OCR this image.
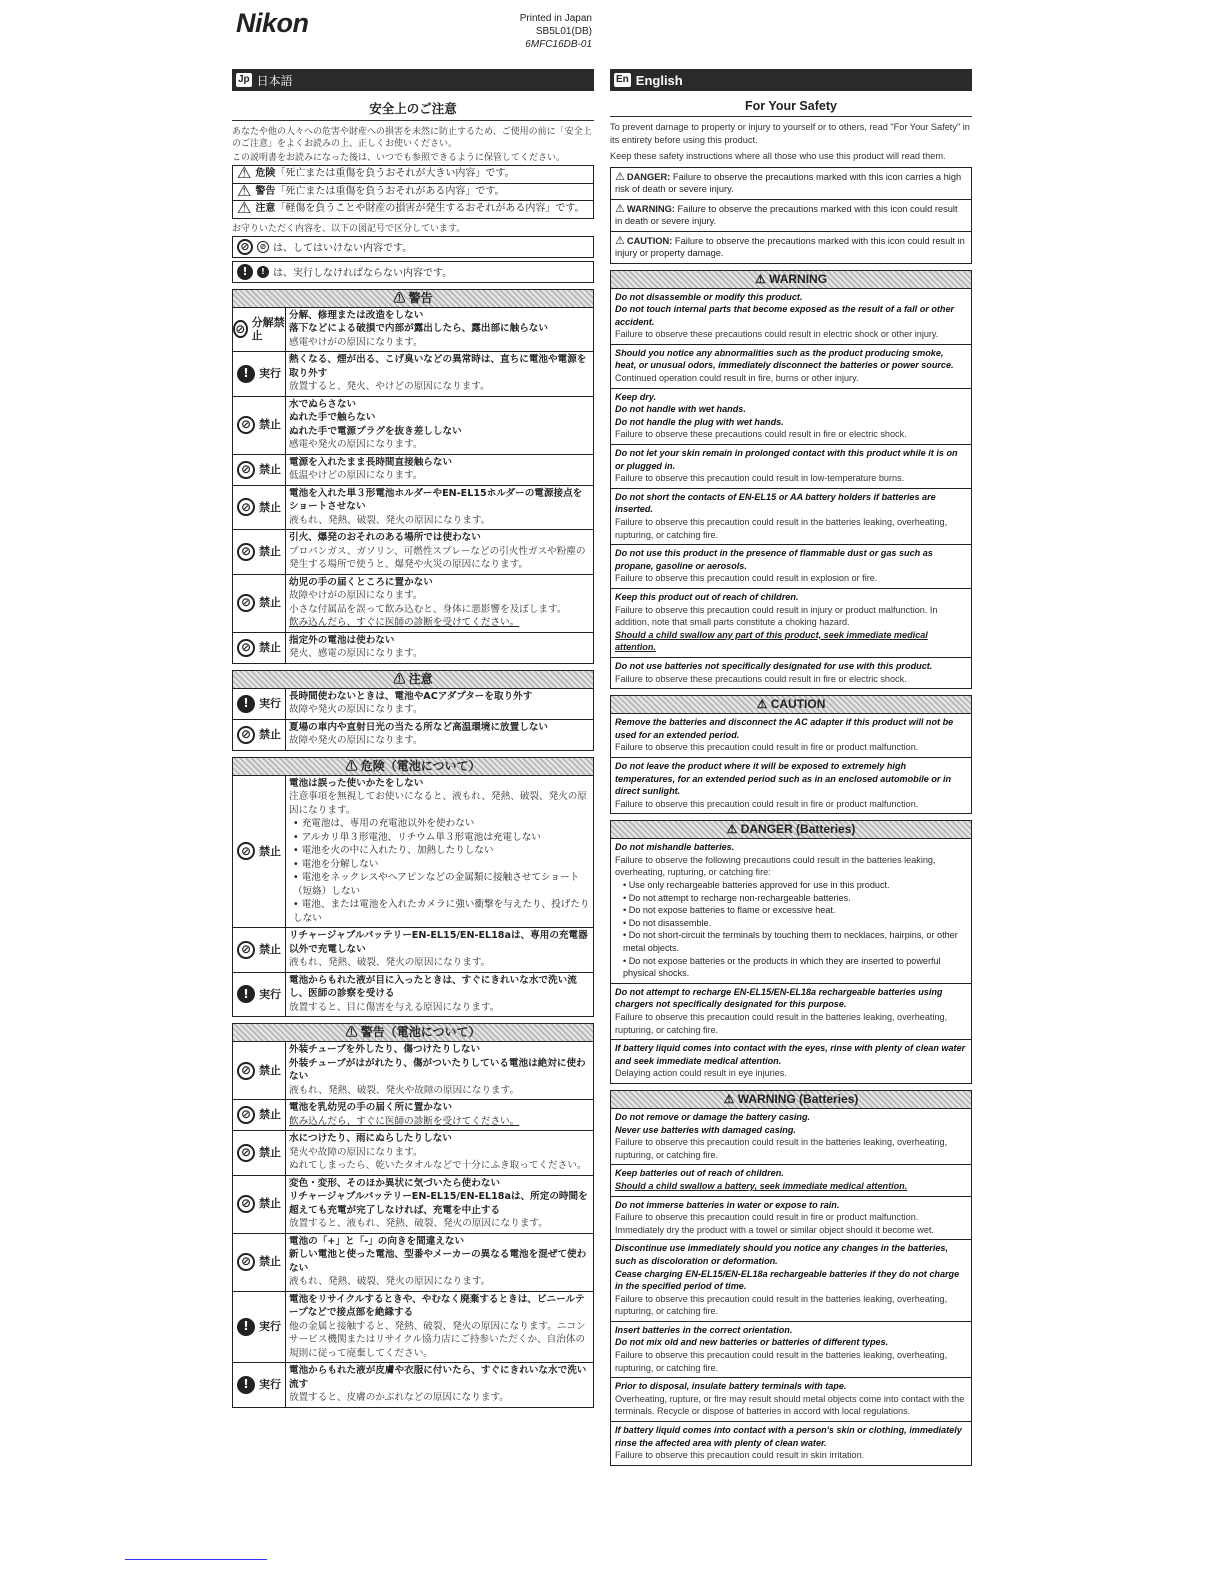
Nikon	Printed in Japan
SB5L01(DB)
6MFC16DB-01
Jp 日本語
安全上のご注意
あなたや他の人々への危害や財産への損害を未然に防止するため、ご使用の前に「安全上のご注意」をよくお読みの上、正しくお使いください。
この説明書をお読みになった後は、いつでも参照できるように保管してください。
⚠ 危険 「死亡または重傷を負うおそれが大きい内容」です。
⚠ 警告 「死亡または重傷を負うおそれがある内容」です。
⚠ 注意 「軽傷を負うことや財産の損害が発生するおそれがある内容」です。
お守りいただく内容を、以下の図記号で区分しています。
⊘	⊘ は、してはいけない内容です。
!	! は、実行しなければならない内容です。
⚠ 警告
⊘ 分解禁止
分解、修理または改造をしない
落下などによる破損で内部が露出したら、露出部に触らない
感電やけがの原因になります。
! 実行
熱くなる、煙が出る、こげ臭いなどの異常時は、直ちに電池や電源を取り外す
放置すると、発火、やけどの原因になります。
⊘ 禁止
水でぬらさない
ぬれた手で触らない
ぬれた手で電源プラグを抜き差ししない
感電や発火の原因になります。
⊘ 禁止
電源を入れたまま長時間直接触らない
低温やけどの原因になります。
⊘ 禁止
電池を入れた単３形電池ホルダーやEN-EL15ホルダーの電源接点をショートさせない
液もれ、発熱、破裂、発火の原因になります。
⊘ 禁止
引火、爆発のおそれのある場所では使わない
プロパンガス、ガソリン、可燃性スプレーなどの引火性ガスや粉塵の発生する場所で使うと、爆発や火災の原因になります。
⊘ 禁止
幼児の手の届くところに置かない
故障やけがの原因になります。
小さな付属品を誤って飲み込むと、身体に悪影響を及ぼします。
飲み込んだら、すぐに医師の診断を受けてください。
⊘ 禁止
指定外の電池は使わない
発火、感電の原因になります。
⚠ 注意
! 実行
長時間使わないときは、電池やACアダプターを取り外す
故障や発火の原因になります。
⊘ 禁止
夏場の車内や直射日光の当たる所など高温環境に放置しない
故障や発火の原因になります。
⚠ 危険（電池について）
⊘ 禁止
電池は誤った使いかたをしない
注意事項を無視してお使いになると、液もれ、発熱、破裂、発火の原因になります。
• 充電池は、専用の充電池以外を使わない
• アルカリ単３形電池、リチウム単３形電池は充電しない
• 電池を火の中に入れたり、加熱したりしない
• 電池を分解しない
• 電池をネックレスやヘアピンなどの金属類に接触させてショート（短絡）しない
• 電池、または電池を入れたカメラに強い衝撃を与えたり、投げたりしない
⊘ 禁止
リチャージャブルバッテリーEN-EL15/EN-EL18aは、専用の充電器以外で充電しない
液もれ、発熱、破裂、発火の原因になります。
! 実行
電池からもれた液が目に入ったときは、すぐにきれいな水で洗い流し、医師の診察を受ける
放置すると、目に傷害を与える原因になります。
⚠ 警告（電池について）
⊘ 禁止
外装チューブを外したり、傷つけたりしない
外装チューブがはがれたり、傷がついたりしている電池は絶対に使わない
液もれ、発熱、破裂、発火や故障の原因になります。
⊘ 禁止
電池を乳幼児の手の届く所に置かない
飲み込んだら、すぐに医師の診断を受けてください。
⊘ 禁止
水につけたり、雨にぬらしたりしない
発火や故障の原因になります。
ぬれてしまったら、乾いたタオルなどで十分にふき取ってください。
⊘ 禁止
変色・変形、そのほか異状に気づいたら使わない
リチャージャブルバッテリーEN-EL15/EN-EL18aは、所定の時間を超えても充電が完了しなければ、充電を中止する
放置すると、液もれ、発熱、破裂、発火の原因になります。
⊘ 禁止
電池の「+」と「-」の向きを間違えない
新しい電池と使った電池、型番やメーカーの異なる電池を混ぜて使わない
液もれ、発熱、破裂、発火の原因になります。
! 実行
電池をリサイクルするときや、やむなく廃棄するときは、ビニールテープなどで接点部を絶縁する
他の金属と接触すると、発熱、破裂、発火の原因になります。ニコンサービス機関またはリサイクル協力店にご持参いただくか、自治体の規則に従って廃棄してください。
! 実行
電池からもれた液が皮膚や衣服に付いたら、すぐにきれいな水で洗い流す
放置すると、皮膚のかぶれなどの原因になります。
En English
For Your Safety
To prevent damage to property or injury to yourself or to others, read "For Your Safety" in its entirety before using this product.
Keep these safety instructions where all those who use this product will read them.
⚠ DANGER: Failure to observe the precautions marked with this icon carries a high risk of death or severe injury.
⚠ WARNING: Failure to observe the precautions marked with this icon could result in death or severe injury.
⚠ CAUTION: Failure to observe the precautions marked with this icon could result in injury or property damage.
⚠ WARNING
Do not disassemble or modify this product.
Do not touch internal parts that become exposed as the result of a fall or other accident.
Failure to observe these precautions could result in electric shock or other injury.
Should you notice any abnormalities such as the product producing smoke, heat, or unusual odors, immediately disconnect the batteries or power source.
Continued operation could result in fire, burns or other injury.
Keep dry.
Do not handle with wet hands.
Do not handle the plug with wet hands.
Failure to observe these precautions could result in fire or electric shock.
Do not let your skin remain in prolonged contact with this product while it is on or plugged in.
Failure to observe this precaution could result in low-temperature burns.
Do not short the contacts of EN-EL15 or AA battery holders if batteries are inserted.
Failure to observe this precaution could result in the batteries leaking, overheating, rupturing, or catching fire.
Do not use this product in the presence of flammable dust or gas such as propane, gasoline or aerosols.
Failure to observe this precaution could result in explosion or fire.
Keep this product out of reach of children.
Failure to observe this precaution could result in injury or product malfunction. In addition, note that small parts constitute a choking hazard.
Should a child swallow any part of this product, seek immediate medical attention.
Do not use batteries not specifically designated for use with this product.
Failure to observe these precautions could result in fire or electric shock.
⚠ CAUTION
Remove the batteries and disconnect the AC adapter if this product will not be used for an extended period.
Failure to observe this precaution could result in fire or product malfunction.
Do not leave the product where it will be exposed to extremely high temperatures, for an extended period such as in an enclosed automobile or in direct sunlight.
Failure to observe this precaution could result in fire or product malfunction.
⚠ DANGER (Batteries)
Do not mishandle batteries.
Failure to observe the following precautions could result in the batteries leaking, overheating, rupturing, or catching fire:
• Use only rechargeable batteries approved for use in this product.
• Do not attempt to recharge non-rechargeable batteries.
• Do not expose batteries to flame or excessive heat.
• Do not disassemble.
• Do not short-circuit the terminals by touching them to necklaces, hairpins, or other metal objects.
• Do not expose batteries or the products in which they are inserted to powerful physical shocks.
Do not attempt to recharge EN-EL15/EN-EL18a rechargeable batteries using chargers not specifically designated for this purpose.
Failure to observe this precaution could result in the batteries leaking, overheating, rupturing, or catching fire.
If battery liquid comes into contact with the eyes, rinse with plenty of clean water and seek immediate medical attention.
Delaying action could result in eye injuries.
⚠ WARNING (Batteries)
Do not remove or damage the battery casing.
Never use batteries with damaged casing.
Failure to observe this precaution could result in the batteries leaking, overheating, rupturing, or catching fire.
Keep batteries out of reach of children.
Should a child swallow a battery, seek immediate medical attention.
Do not immerse batteries in water or expose to rain.
Failure to observe this precaution could result in fire or product malfunction. Immediately dry the product with a towel or similar object should it become wet.
Discontinue use immediately should you notice any changes in the batteries, such as discoloration or deformation.
Cease charging EN-EL15/EN-EL18a rechargeable batteries if they do not charge in the specified period of time.
Failure to observe this precaution could result in the batteries leaking, overheating, rupturing, or catching fire.
Insert batteries in the correct orientation.
Do not mix old and new batteries or batteries of different types.
Failure to observe this precaution could result in the batteries leaking, overheating, rupturing, or catching fire.
Prior to disposal, insulate battery terminals with tape.
Overheating, rupture, or fire may result should metal objects come into contact with the terminals. Recycle or dispose of batteries in accord with local regulations.
If battery liquid comes into contact with a person's skin or clothing, immediately rinse the affected area with plenty of clean water.
Failure to observe this precaution could result in skin irritation.
